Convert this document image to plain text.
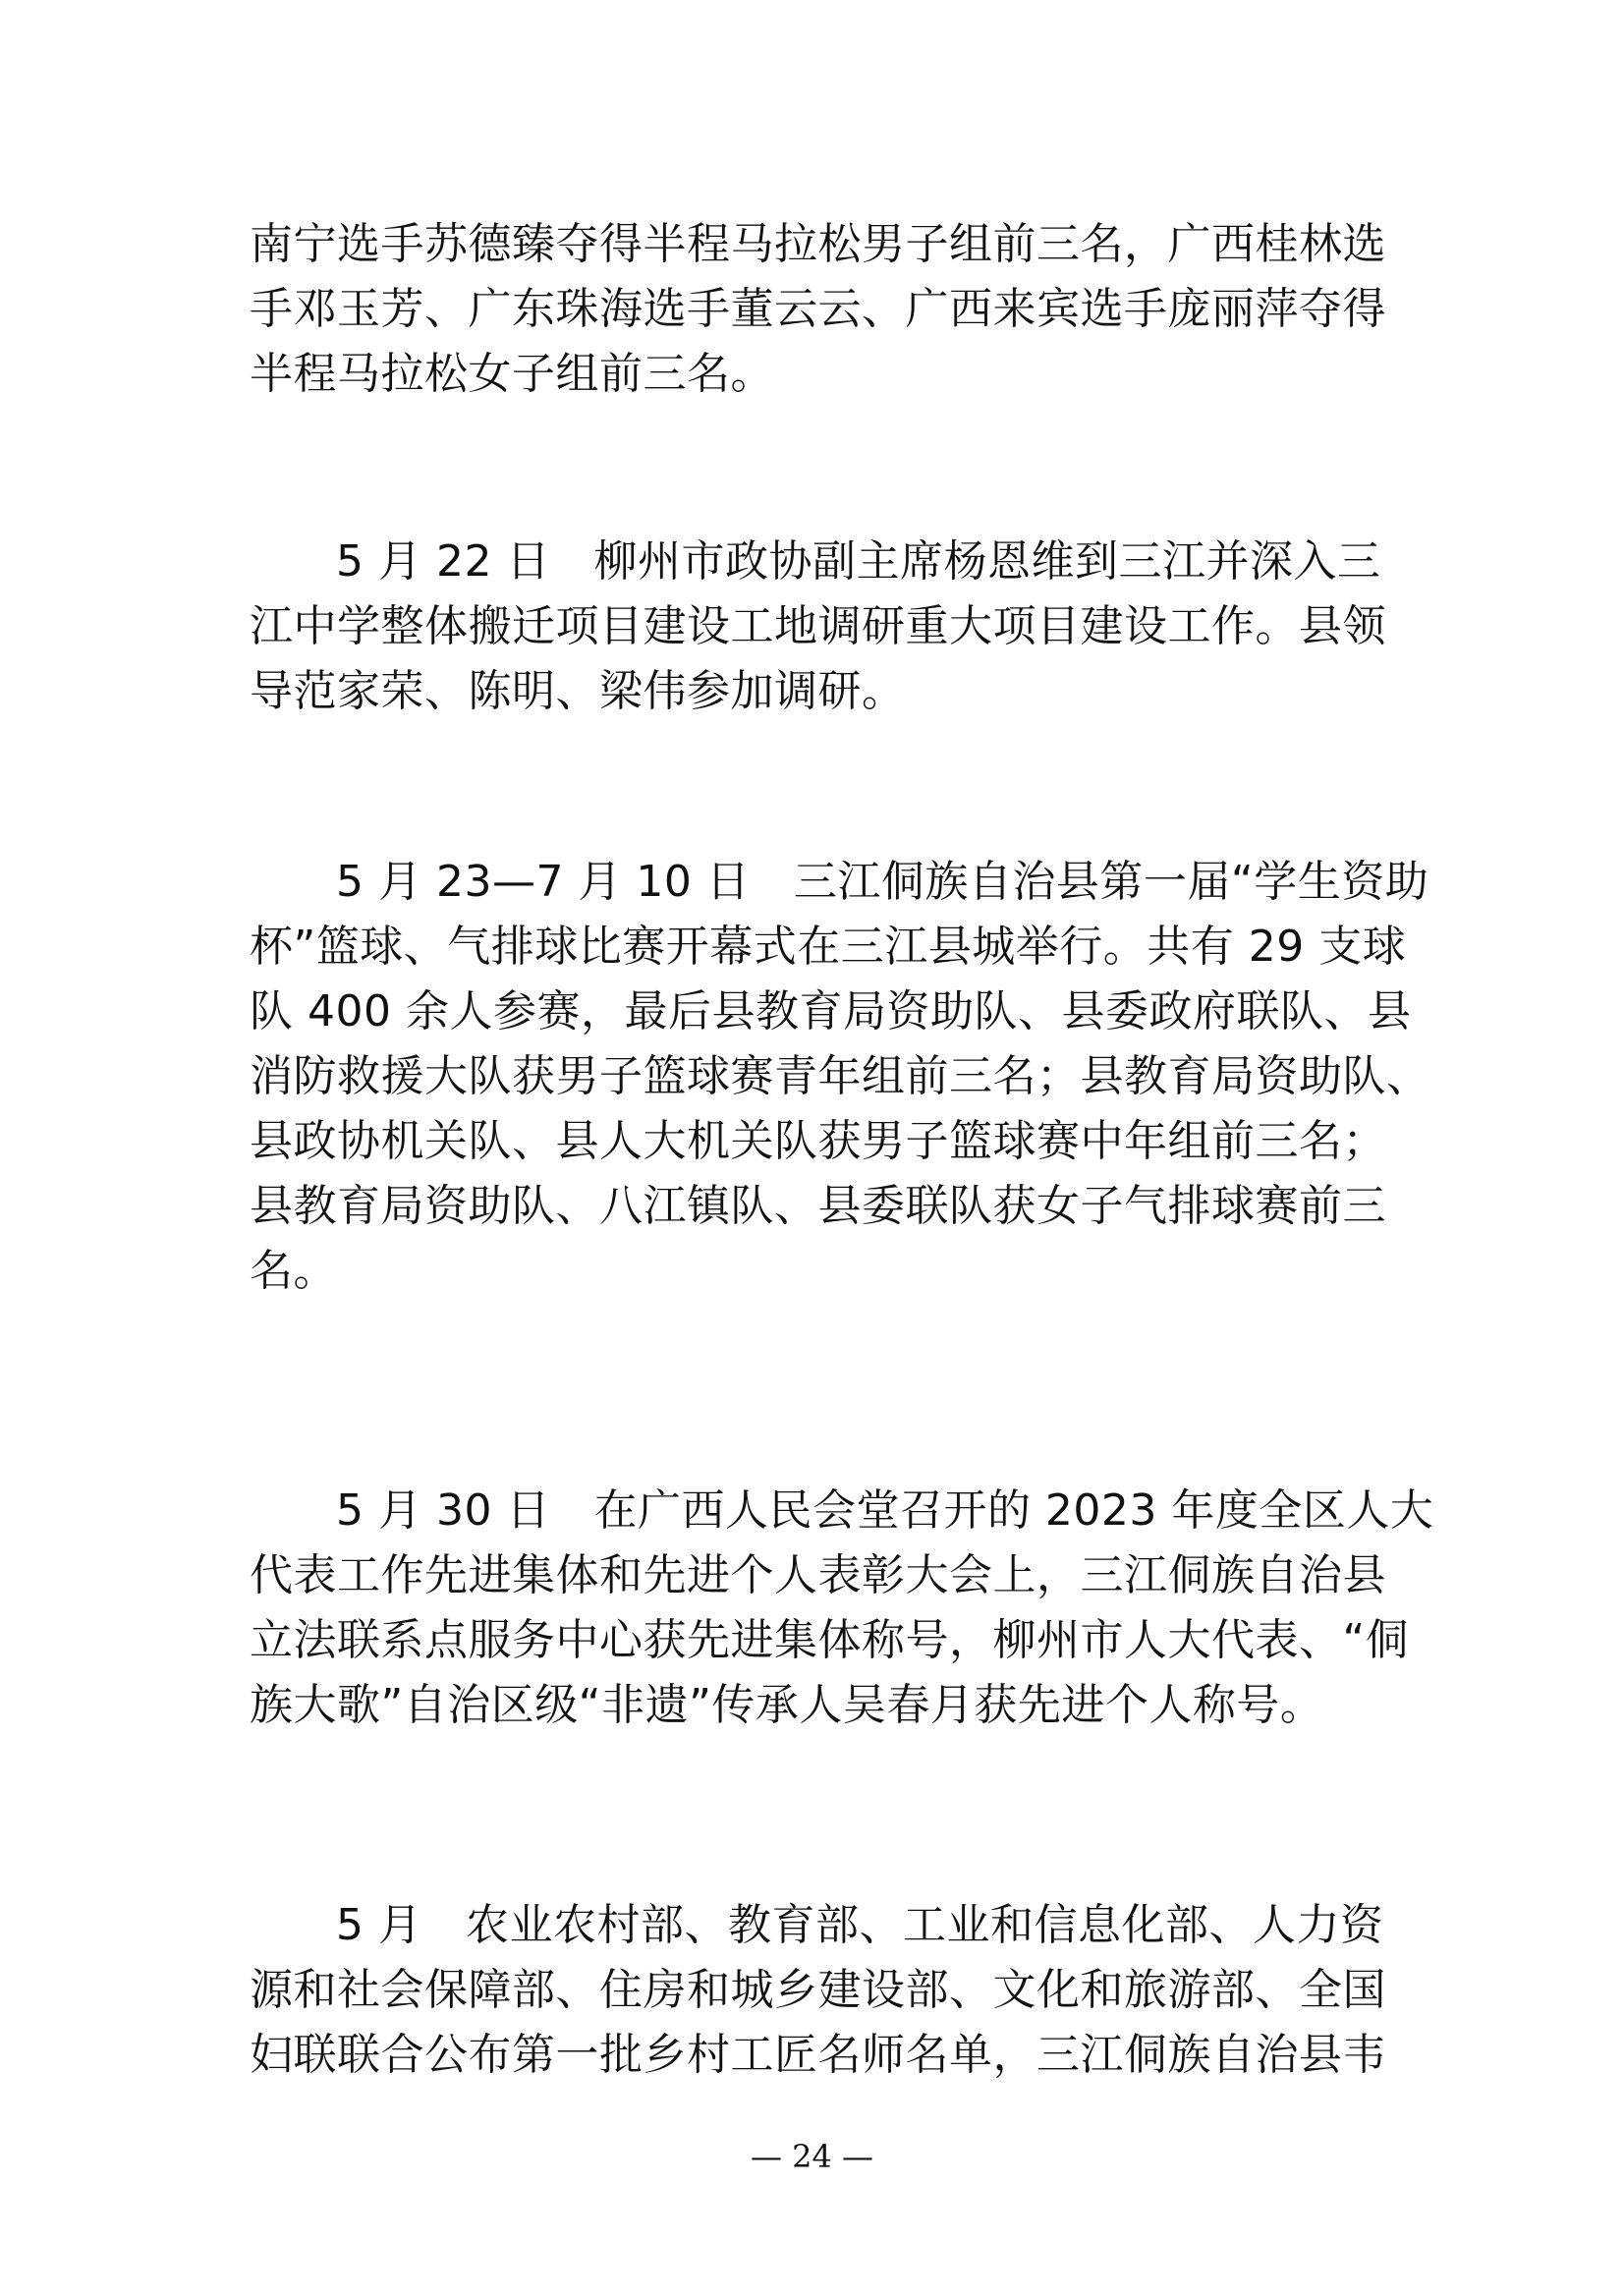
南宁选手苏德臻夺得半程马拉松男子组前三名，广西桂林选
手邓玉芳、广东珠海选手董云云、广西来宾选手庞丽萍夺得
半程马拉松女子组前三名。
5 月 22 日　柳州市政协副主席杨恩维到三江并深入三
江中学整体搬迁项目建设工地调研重大项目建设工作。县领
导范家荣、陈明、梁伟参加调研。
5 月 23—7 月 10 日　三江侗族自治县第一届“学生资助
杯”篮球、气排球比赛开幕式在三江县城举行。共有 29 支球
队 400 余人参赛，最后县教育局资助队、县委政府联队、县
消防救援大队获男子篮球赛青年组前三名；县教育局资助队、
县政协机关队、县人大机关队获男子篮球赛中年组前三名；
县教育局资助队、八江镇队、县委联队获女子气排球赛前三
名。
5 月 30 日　在广西人民会堂召开的 2023 年度全区人大
代表工作先进集体和先进个人表彰大会上，三江侗族自治县
立法联系点服务中心获先进集体称号，柳州市人大代表、“侗
族大歌”自治区级“非遗”传承人吴春月获先进个人称号。
5 月　农业农村部、教育部、工业和信息化部、人力资
源和社会保障部、住房和城乡建设部、文化和旅游部、全国
妇联联合公布第一批乡村工匠名师名单，三江侗族自治县韦
— 24 —
